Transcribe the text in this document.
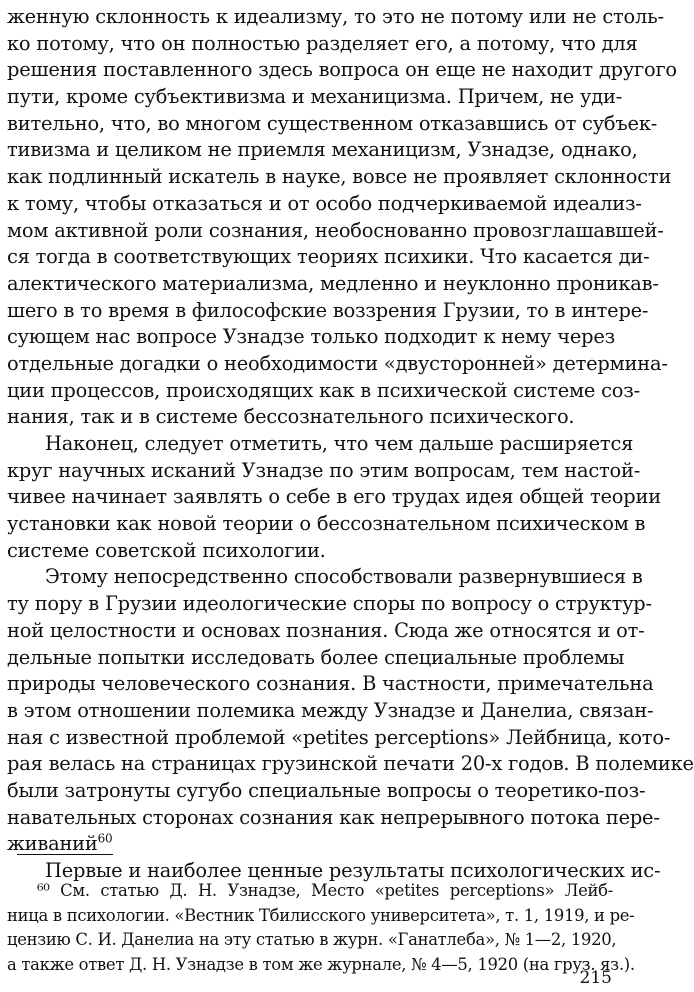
женную склонность к идеализму, то это не потому или не столь-
ко потому, что он полностью разделяет его, а потому, что для
решения поставленного здесь вопроса он еще не находит другого
пути, кроме субъективизма и механицизма. Причем, не уди-
вительно, что, во многом существенном отказавшись от субъек-
тивизма и целиком не приемля механицизм, Узнадзе, однако,
как подлинный искатель в науке, вовсе не проявляет склонности
к тому, чтобы отказаться и от особо подчеркиваемой идеализ-
мом активной роли сознания, необоснованно провозглашавшей-
ся тогда в соответствующих теориях психики. Что касается ди-
алектического материализма, медленно и неуклонно проникав-
шего в то время в философские воззрения Грузии, то в интере-
сующем нас вопросе Узнадзе только подходит к нему через
отдельные догадки о необходимости «двусторонней» детермина-
ции процессов, происходящих как в психической системе соз-
нания, так и в системе бессознательного психического.
Наконец, следует отметить, что чем дальше расширяется
круг научных исканий Узнадзе по этим вопросам, тем настой-
чивее начинает заявлять о себе в его трудах идея общей теории
установки как новой теории о бессознательном психическом в
системе советской психологии.
Этому непосредственно способствовали развернувшиеся в
ту пору в Грузии идеологические споры по вопросу о структур-
ной целостности и основах познания. Сюда же относятся и от-
дельные попытки исследовать более специальные проблемы
природы человеческого сознания. В частности, примечательна
в этом отношении полемика между Узнадзе и Данелиа, связан-
ная с известной проблемой «petites perceptions» Лейбница, кото-
рая велась на страницах грузинской печати 20-х годов. В полемике
были затронуты сугубо специальные вопросы о теоретико-поз-
навательных сторонах сознания как непрерывного потока пере-
живаний$^{60}$
Первые и наиболее ценные результаты психологических ис-
⁶⁰ См. статью Д. Н. Узнадзе, Место «petites perceptions» Лейб-
ница в психологии. «Вестник Тбилисского университета», т. 1, 1919, и ре-
цензию С. И. Данелиа на эту статью в журн. «Ганатлеба», № 1—2, 1920,
а также ответ Д. Н. Узнадзе в том же журнале, № 4—5, 1920 (на груз. яз.).
215
